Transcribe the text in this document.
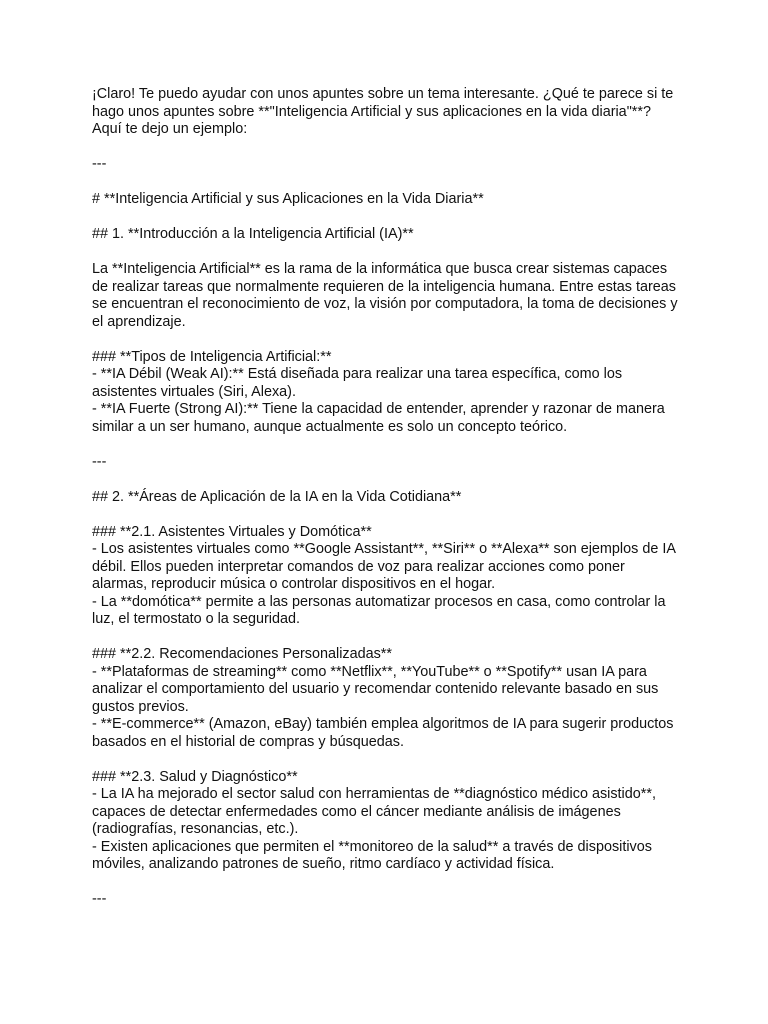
¡Claro! Te puedo ayudar con unos apuntes sobre un tema interesante. ¿Qué te parece si te
hago unos apuntes sobre **"Inteligencia Artificial y sus aplicaciones en la vida diaria"**?
Aquí te dejo un ejemplo:
---
# **Inteligencia Artificial y sus Aplicaciones en la Vida Diaria**
## 1. **Introducción a la Inteligencia Artificial (IA)**
La **Inteligencia Artificial** es la rama de la informática que busca crear sistemas capaces
de realizar tareas que normalmente requieren de la inteligencia humana. Entre estas tareas
se encuentran el reconocimiento de voz, la visión por computadora, la toma de decisiones y
el aprendizaje.
### **Tipos de Inteligencia Artificial:**
- **IA Débil (Weak AI):** Está diseñada para realizar una tarea específica, como los
asistentes virtuales (Siri, Alexa).
- **IA Fuerte (Strong AI):** Tiene la capacidad de entender, aprender y razonar de manera
similar a un ser humano, aunque actualmente es solo un concepto teórico.
---
## 2. **Áreas de Aplicación de la IA en la Vida Cotidiana**
### **2.1. Asistentes Virtuales y Domótica**
- Los asistentes virtuales como **Google Assistant**, **Siri** o **Alexa** son ejemplos de IA
débil. Ellos pueden interpretar comandos de voz para realizar acciones como poner
alarmas, reproducir música o controlar dispositivos en el hogar.
- La **domótica** permite a las personas automatizar procesos en casa, como controlar la
luz, el termostato o la seguridad.
### **2.2. Recomendaciones Personalizadas**
- **Plataformas de streaming** como **Netflix**, **YouTube** o **Spotify** usan IA para
analizar el comportamiento del usuario y recomendar contenido relevante basado en sus
gustos previos.
- **E-commerce** (Amazon, eBay) también emplea algoritmos de IA para sugerir productos
basados en el historial de compras y búsquedas.
### **2.3. Salud y Diagnóstico**
- La IA ha mejorado el sector salud con herramientas de **diagnóstico médico asistido**,
capaces de detectar enfermedades como el cáncer mediante análisis de imágenes
(radiografías, resonancias, etc.).
- Existen aplicaciones que permiten el **monitoreo de la salud** a través de dispositivos
móviles, analizando patrones de sueño, ritmo cardíaco y actividad física.
---
